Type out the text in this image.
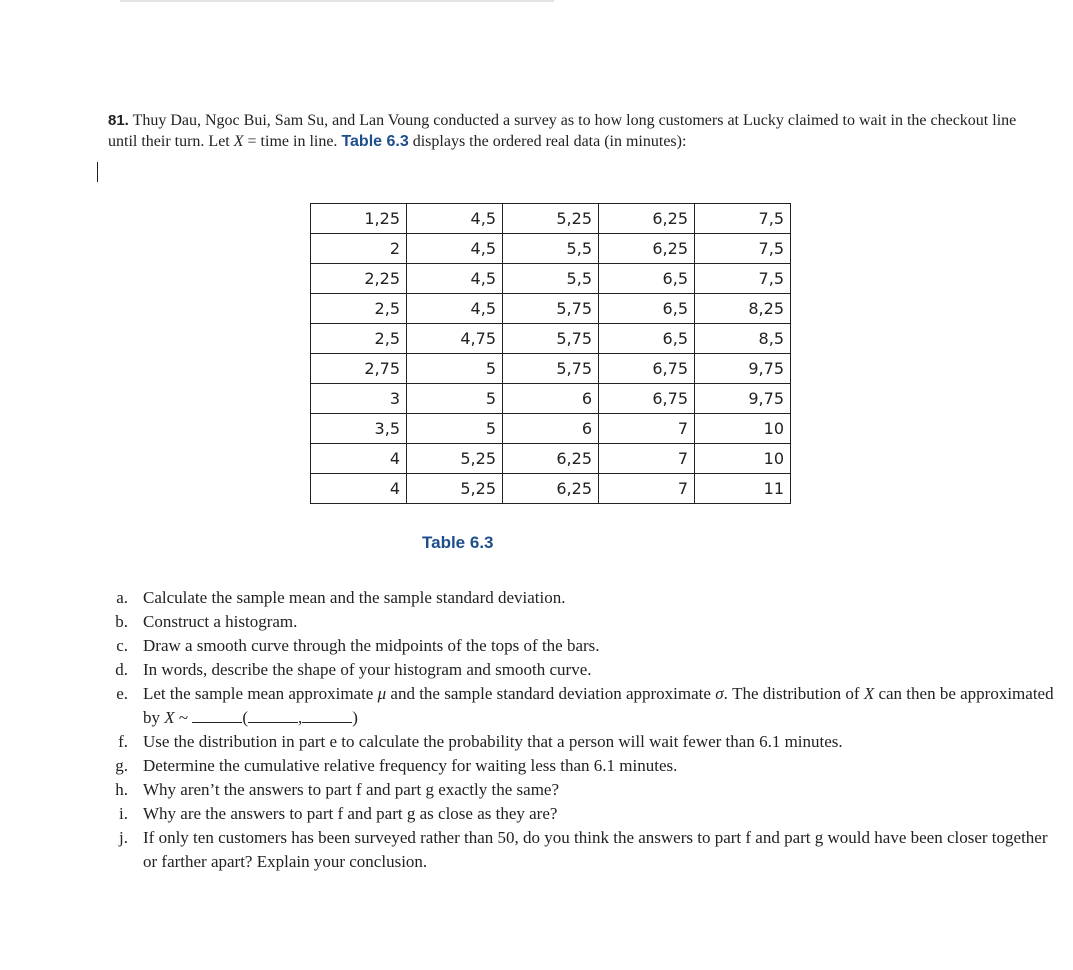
81. Thuy Dau, Ngoc Bui, Sam Su, and Lan Voung conducted a survey as to how long customers at Lucky claimed to wait in the checkout line until their turn. Let X = time in line. Table 6.3 displays the ordered real data (in minutes):

1,25	4,5	5,25	6,25	7,5
2	4,5	5,5	6,25	7,5
2,25	4,5	5,5	6,5	7,5
2,5	4,5	5,75	6,5	8,25
2,5	4,75	5,75	6,5	8,5
2,75	5	5,75	6,75	9,75
3	5	6	6,75	9,75
3,5	5	6	7	10
4	5,25	6,25	7	10
4	5,25	6,25	7	11
Table 6.3
a. Calculate the sample mean and the sample standard deviation.
b. Construct a histogram.
c. Draw a smooth curve through the midpoints of the tops of the bars.
d. In words, describe the shape of your histogram and smooth curve.
e. Let the sample mean approximate μ and the sample standard deviation approximate σ. The distribution of X can then be approximated by X ~	(	,	)
f. Use the distribution in part e to calculate the probability that a person will wait fewer than 6.1 minutes.
g. Determine the cumulative relative frequency for waiting less than 6.1 minutes.
h. Why aren’t the answers to part f and part g exactly the same?
i. Why are the answers to part f and part g as close as they are?
j. If only ten customers has been surveyed rather than 50, do you think the answers to part f and part g would have been closer together or farther apart? Explain your conclusion.
